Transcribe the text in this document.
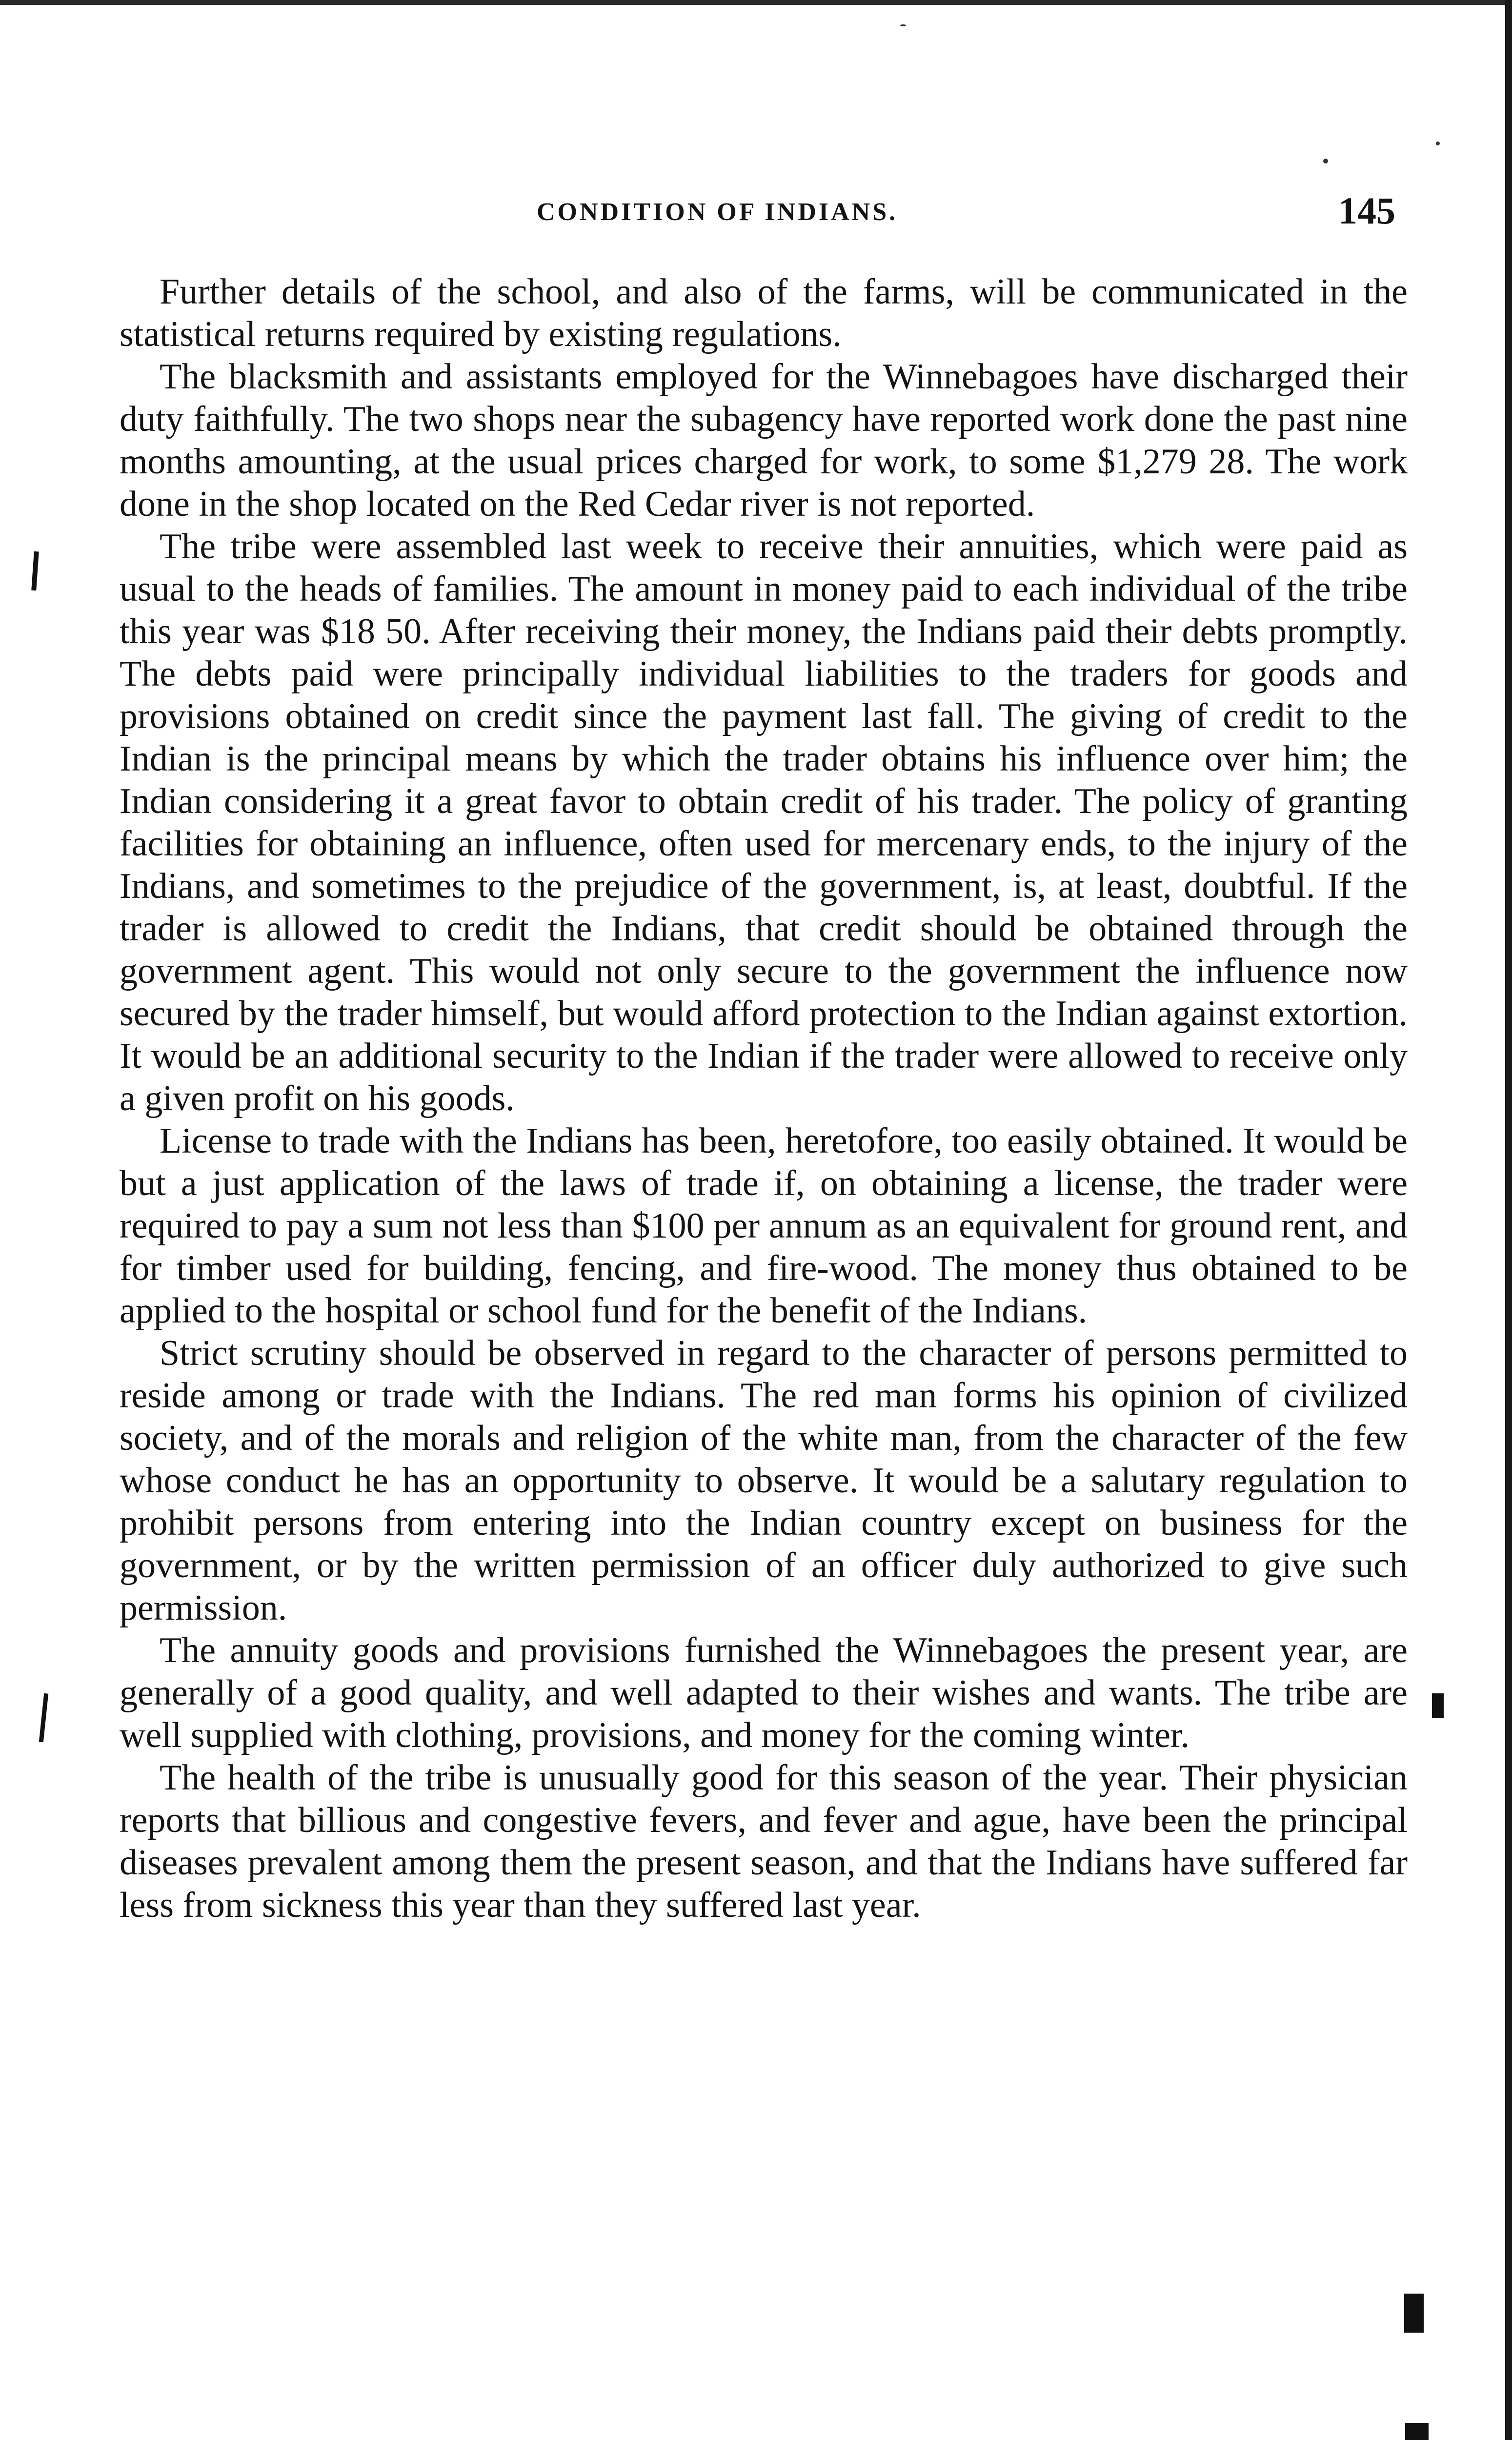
CONDITION OF INDIANS.	145

Further details of the school, and also of the farms, will be communicated in the statistical returns required by existing regulations.

The blacksmith and assistants employed for the Winnebagoes have discharged their duty faithfully. The two shops near the subagency have reported work done the past nine months amounting, at the usual prices charged for work, to some $1,279 28. The work done in the shop located on the Red Cedar river is not reported.

The tribe were assembled last week to receive their annuities, which were paid as usual to the heads of families. The amount in money paid to each individual of the tribe this year was $18 50. After receiving their money, the Indians paid their debts promptly. The debts paid were principally individual liabilities to the traders for goods and provisions obtained on credit since the payment last fall. The giving of credit to the Indian is the principal means by which the trader obtains his influence over him; the Indian considering it a great favor to obtain credit of his trader. The policy of granting facilities for obtaining an influence, often used for mercenary ends, to the injury of the Indians, and sometimes to the prejudice of the government, is, at least, doubtful. If the trader is allowed to credit the Indians, that credit should be obtained through the government agent. This would not only secure to the government the influence now secured by the trader himself, but would afford protection to the Indian against extortion. It would be an additional security to the Indian if the trader were allowed to receive only a given profit on his goods.

License to trade with the Indians has been, heretofore, too easily obtained. It would be but a just application of the laws of trade if, on obtaining a license, the trader were required to pay a sum not less than $100 per annum as an equivalent for ground rent, and for timber used for building, fencing, and fire-wood. The money thus obtained to be applied to the hospital or school fund for the benefit of the Indians.

Strict scrutiny should be observed in regard to the character of persons permitted to reside among or trade with the Indians. The red man forms his opinion of civilized society, and of the morals and religion of the white man, from the character of the few whose conduct he has an opportunity to observe. It would be a salutary regulation to prohibit persons from entering into the Indian country except on business for the government, or by the written permission of an officer duly authorized to give such permission.

The annuity goods and provisions furnished the Winnebagoes the present year, are generally of a good quality, and well adapted to their wishes and wants. The tribe are well supplied with clothing, provisions, and money for the coming winter.

The health of the tribe is unusually good for this season of the year. Their physician reports that billious and congestive fevers, and fever and ague, have been the principal diseases prevalent among them the present season, and that the Indians have suffered far less from sickness this year than they suffered last year.
